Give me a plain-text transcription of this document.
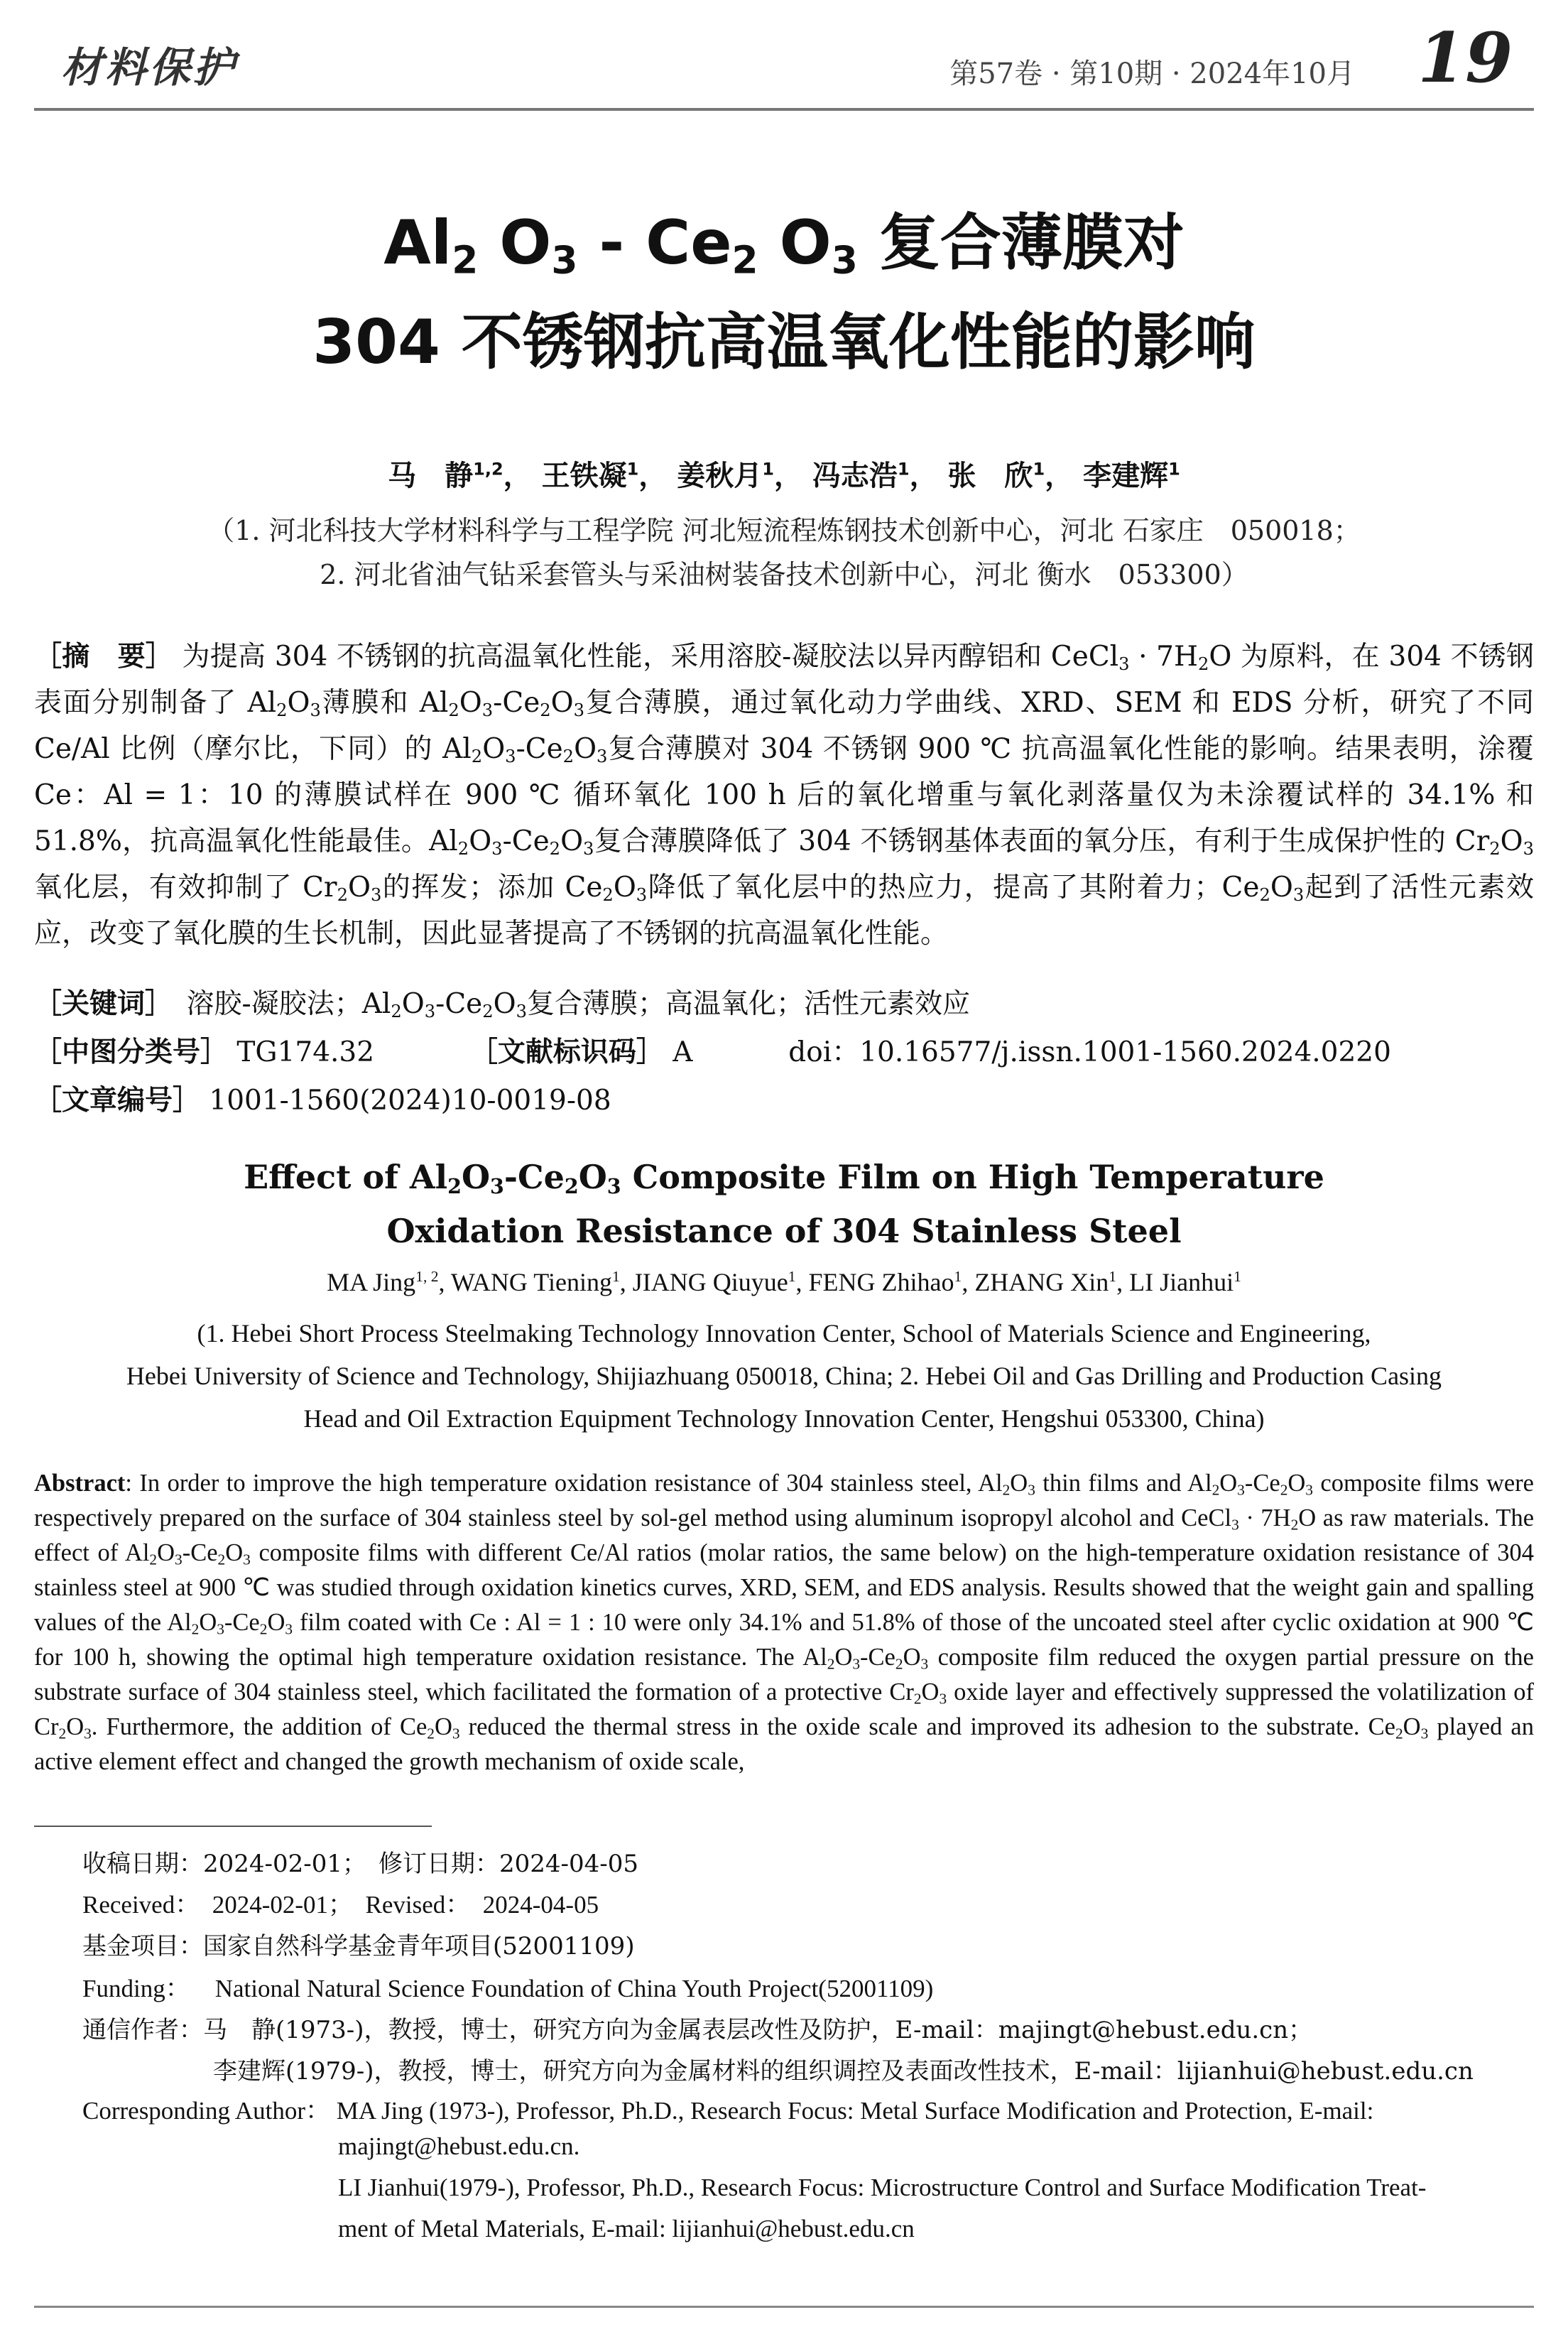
材料保护	第57卷 · 第10期 · 2024年10月 19
$Al_2$ $O_3 - Ce_2$ $O_3$ 复合薄膜对
304 不锈钢抗高温氧化性能的影响
马　静$^{1,2}$， 王铁凝$^1$， 姜秋月$^1$， 冯志浩$^1$， 张　欣$^1$， 李建辉$^1$
（1. 河北科技大学材料科学与工程学院 河北短流程炼钢技术创新中心，河北 石家庄　050018；
2. 河北省油气钻采套管头与采油树装备技术创新中心，河北 衡水　053300）
［摘　要］ 为提高 304 不锈钢的抗高温氧化性能，采用溶胶-凝胶法以异丙醇铝和 CeCl$_3$ · $7H_2O$ 为原料，在 304 不锈钢表面分别制备了 $Al_2O_3$薄膜和 $Al_2O_3-Ce_2O_3$复合薄膜，通过氧化动力学曲线、XRD、SEM 和 EDS 分析，研究了不同 Ce/Al 比例（摩尔比，下同）的 $Al_2O_3-Ce_2O_3$复合薄膜对 304 不锈钢 900 ℃ 抗高温氧化性能的影响。结果表明，涂覆 Ce：Al = 1：10 的薄膜试样在 900 ℃ 循环氧化 100 h 后的氧化增重与氧化剥落量仅为未涂覆试样的 34.1% 和 51.8%，抗高温氧化性能最佳。$Al_2O_3-Ce_2O_3$复合薄膜降低了 304 不锈钢基体表面的氧分压，有利于生成保护性的 $Cr_2O_3$氧化层，有效抑制了 $Cr_2O_3$的挥发；添加 $Ce_2O_3$降低了氧化层中的热应力，提高了其附着力；$Ce_2O_3$起到了活性元素效应，改变了氧化膜的生长机制，因此显著提高了不锈钢的抗高温氧化性能。
［关键词］　 溶胶-凝胶法；$Al_2O_3-Ce_2O_3$复合薄膜；高温氧化；活性元素效应
［中图分类号］ TG174.32	［文献标识码］ A	doi：10.16577/j.issn.1001-1560.2024.0220
［文章编号］ 1001-1560(2024)10-0019-08
Effect of $Al_2O_3-Ce_2O_3$ Composite Film on High Temperature
Oxidation Resistance of 304 Stainless Steel
MA Jing$^{1, 2}$, WANG Tiening$^1$, JIANG Qiuyue$^1$, FENG Zhihao$^1$, ZHANG Xin$^1$, LI Jianhui$^1$
(1. Hebei Short Process Steelmaking Technology Innovation Center, School of Materials Science and Engineering,
Hebei University of Science and Technology, Shijiazhuang 050018, China; 2. Hebei Oil and Gas Drilling and Production Casing
Head and Oil Extraction Equipment Technology Innovation Center, Hengshui 053300, China)
Abstract: In order to improve the high temperature oxidation resistance of 304 stainless steel, $Al_2O_3$ thin films and $Al_2O_3-Ce_2O_3$ composite films were respectively prepared on the surface of 304 stainless steel by sol-gel method using aluminum isopropyl alcohol and CeCl$_3$ · $7H_2O$ as raw materials. The effect of $Al_2O_3-Ce_2O_3$ composite films with different Ce/Al ratios (molar ratios, the same below) on the high-temperature oxidation resistance of 304 stainless steel at 900 ℃ was studied through oxidation kinetics curves, XRD, SEM, and EDS analysis. Results showed that the weight gain and spalling values of the $Al_2O_3-Ce_2O_3$ film coated with Ce : Al = 1 : 10 were only 34.1% and 51.8% of those of the uncoated steel after cyclic oxidation at 900 ℃ for 100 h, showing the optimal high temperature oxidation resistance. The $Al_2O_3-Ce_2O_3$ composite film reduced the oxygen partial pressure on the substrate surface of 304 stainless steel, which facilitated the formation of a protective $Cr_2O_3$ oxide layer and effectively suppressed the volatilization of $Cr_2O_3$. Furthermore, the addition of $Ce_2O_3$ reduced the thermal stress in the oxide scale and improved its adhesion to the substrate. $Ce_2O_3$ played an active element effect and changed the growth mechanism of oxide scale,
收稿日期：2024-02-01；　修订日期：2024-04-05
Received：　2024-02-01；　Revised：　2024-04-05
基金项目：国家自然科学基金青年项目(52001109)
Funding： National Natural Science Foundation of China Youth Project(52001109)
通信作者：马　静(1973-)，教授，博士，研究方向为金属表层改性及防护，E-mail：majingt@hebust.edu.cn；
李建辉(1979-)，教授，博士，研究方向为金属材料的组织调控及表面改性技术，E-mail：lijianhui@hebust.edu.cn
Corresponding Author： MA Jing (1973-), Professor, Ph.D., Research Focus: Metal Surface Modification and Protection, E-mail:
majingt@hebust.edu.cn.
LI Jianhui(1979-), Professor, Ph.D., Research Focus: Microstructure Control and Surface Modification Treat-
ment of Metal Materials, E-mail: lijianhui@hebust.edu.cn
